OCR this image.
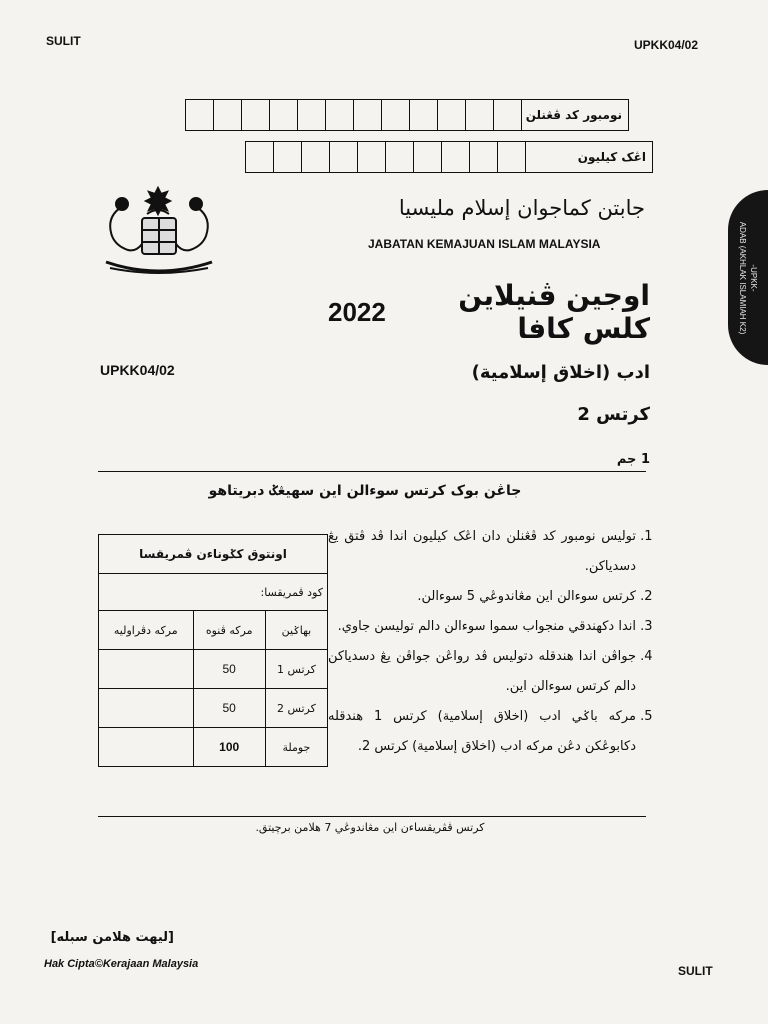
SULIT	UPKK04/02
نومبور كد ڤڠنلن
اڠک کيليون
جابتن كماجوان إسلام مليسيا
JABATAN KEMAJUAN ISLAM MALAYSIA
-UPKK-
ADAB (AKHLAK ISLAMIAH K2)
اوجين ڤنيلاين كلس كافا
2022
UPKK04/02	ادب (اخلاق إسلامية)
كرتس 2
1 جم
جاڠن بوک كرتس سوءالن اين سهيڠݢ دبريتاهو
1. توليس نومبور كد ڤڠنلن دان اڠک کيليون اندا ڤد ڤتق يڠ دسدياكن.
2. كرتس سوءالن اين مڠاندوڠي 5 سوءالن.
3. اندا دکهندقي منجواب سموا سوءالن دالم توليسن جاوي.
4. جواڤن اندا هندقله دتوليس ڤد رواڠن جواڤن يڠ دسدياكن دالم كرتس سوءالن اين.
5. مركه باݢي ادب (اخلاق إسلامية) كرتس 1 هندقله دكابوڠكن دڠن مركه ادب (اخلاق إسلامية) كرتس 2.
اونتوق کݢوناءن ڤمريقسا		
كود ڤمريقسا:		
بهاݢين	مركه ڤنوه	مركه دڤراوليه
كرتس 1	50	
كرتس 2	50	
جوملة	100	
كرتس ڤڤريقساءن اين مڠاندوڠي 7 هلامن برچيتق.
[ليهت هلامن سبله]
Hak Cipta©Kerajaan Malaysia	SULIT
